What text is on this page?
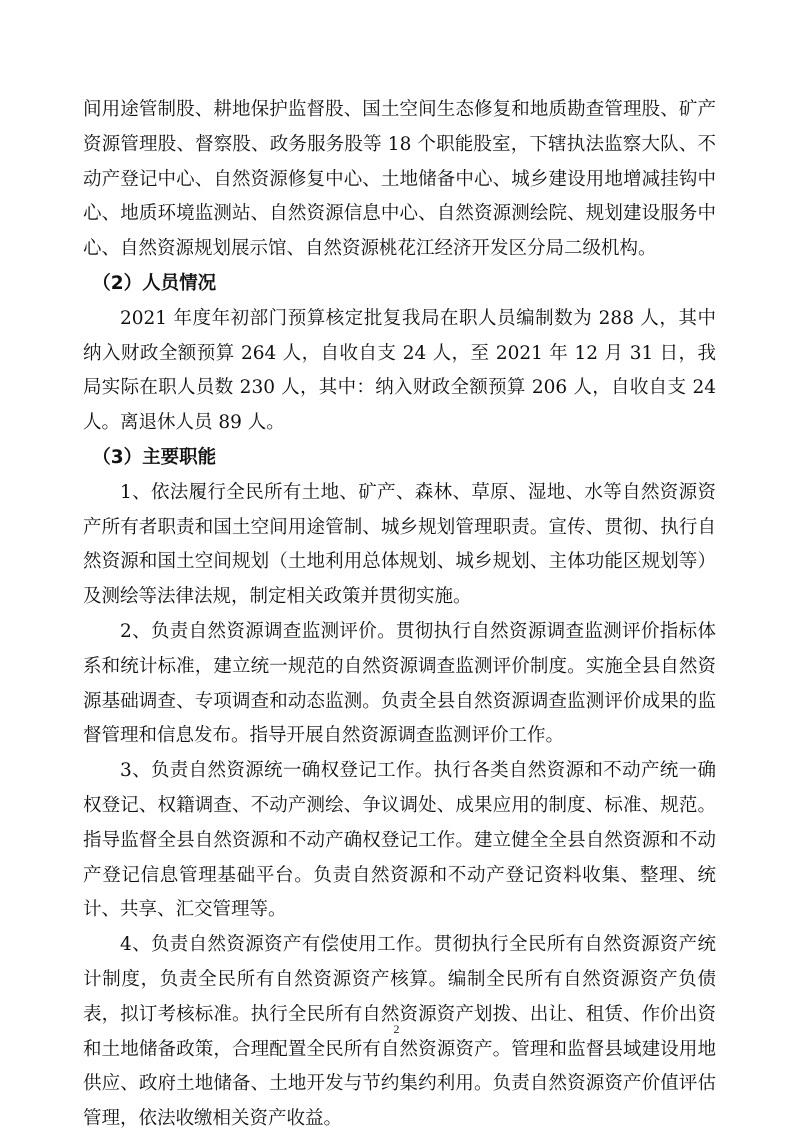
间用途管制股、耕地保护监督股、国土空间生态修复和地质勘查管理股、矿产资源管理股、督察股、政务服务股等 18 个职能股室，下辖执法监察大队、不动产登记中心、自然资源修复中心、土地储备中心、城乡建设用地增减挂钩中心、地质环境监测站、自然资源信息中心、自然资源测绘院、规划建设服务中心、自然资源规划展示馆、自然资源桃花江经济开发区分局二级机构。

（2）人员情况

2021 年度年初部门预算核定批复我局在职人员编制数为 288 人，其中纳入财政全额预算 264 人，自收自支 24 人，至 2021 年 12 月 31 日，我局实际在职人员数 230 人，其中：纳入财政全额预算 206 人，自收自支 24 人。离退休人员 89 人。

（3）主要职能

1、依法履行全民所有土地、矿产、森林、草原、湿地、水等自然资源资产所有者职责和国土空间用途管制、城乡规划管理职责。宣传、贯彻、执行自然资源和国土空间规划（土地利用总体规划、城乡规划、主体功能区规划等）及测绘等法律法规，制定相关政策并贯彻实施。

2、负责自然资源调查监测评价。贯彻执行自然资源调查监测评价指标体系和统计标准，建立统一规范的自然资源调查监测评价制度。实施全县自然资源基础调查、专项调查和动态监测。负责全县自然资源调查监测评价成果的监督管理和信息发布。指导开展自然资源调查监测评价工作。

3、负责自然资源统一确权登记工作。执行各类自然资源和不动产统一确权登记、权籍调查、不动产测绘、争议调处、成果应用的制度、标准、规范。指导监督全县自然资源和不动产确权登记工作。建立健全全县自然资源和不动产登记信息管理基础平台。负责自然资源和不动产登记资料收集、整理、统计、共享、汇交管理等。

4、负责自然资源资产有偿使用工作。贯彻执行全民所有自然资源资产统计制度，负责全民所有自然资源资产核算。编制全民所有自然资源资产负债表，拟订考核标准。执行全民所有自然资源资产划拨、出让、租赁、作价出资和土地储备政策，合理配置全民所有自然资源资产。管理和监督县域建设用地供应、政府土地储备、土地开发与节约集约利用。负责自然资源资产价值评估管理，依法收缴相关资产收益。

2
